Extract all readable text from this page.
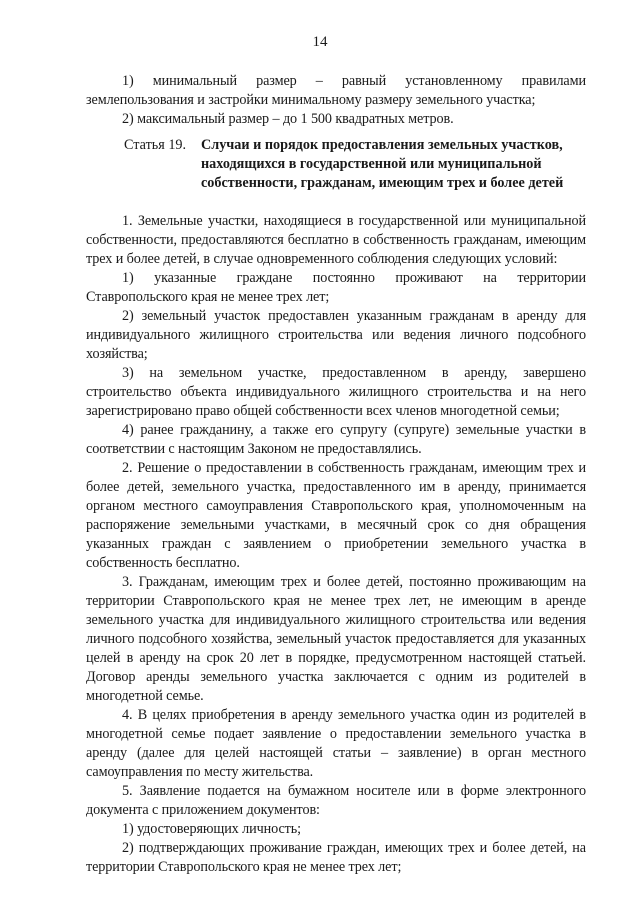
14

1) минимальный размер – равный установленному правилами землепользования и застройки минимальному размеру земельного участка;

2) максимальный размер – до 1 500 квадратных метров.

Статья 19. Случаи и порядок предоставления земельных участков, находящихся в государственной или муниципальной собственности, гражданам, имеющим трех и более детей

1. Земельные участки, находящиеся в государственной или муниципальной собственности, предоставляются бесплатно в собственность гражданам, имеющим трех и более детей, в случае одновременного соблюдения следующих условий:

1) указанные граждане постоянно проживают на территории Ставропольского края не менее трех лет;

2) земельный участок предоставлен указанным гражданам в аренду для индивидуального жилищного строительства или ведения личного подсобного хозяйства;

3) на земельном участке, предоставленном в аренду, завершено строительство объекта индивидуального жилищного строительства и на него зарегистрировано право общей собственности всех членов многодетной семьи;

4) ранее гражданину, а также его супругу (супруге) земельные участки в соответствии с настоящим Законом не предоставлялись.

2. Решение о предоставлении в собственность гражданам, имеющим трех и более детей, земельного участка, предоставленного им в аренду, принимается органом местного самоуправления Ставропольского края, уполномоченным на распоряжение земельными участками, в месячный срок со дня обращения указанных граждан с заявлением о приобретении земельного участка в собственность бесплатно.

3. Гражданам, имеющим трех и более детей, постоянно проживающим на территории Ставропольского края не менее трех лет, не имеющим в аренде земельного участка для индивидуального жилищного строительства или ведения личного подсобного хозяйства, земельный участок предоставляется для указанных целей в аренду на срок 20 лет в порядке, предусмотренном настоящей статьей. Договор аренды земельного участка заключается с одним из родителей в многодетной семье.

4. В целях приобретения в аренду земельного участка один из родителей в многодетной семье подает заявление о предоставлении земельного участка в аренду (далее для целей настоящей статьи – заявление) в орган местного самоуправления по месту жительства.

5. Заявление подается на бумажном носителе или в форме электронного документа с приложением документов:

1) удостоверяющих личность;

2) подтверждающих проживание граждан, имеющих трех и более детей, на территории Ставропольского края не менее трех лет;
